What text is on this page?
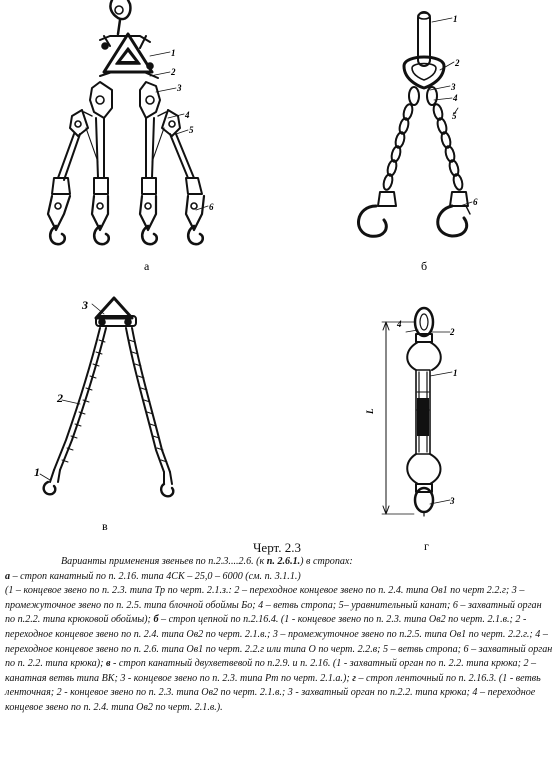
1
2
3
4
5
6
а
1
2
3
4
5
6
б
1
2
3
в
1
2
3
4
L
г
Черт. 2.3

Варианты применения звеньев по п.2.3....2.6. (к п. 2.6.1.) в стропах:

а – строп канатный по п. 2.16. типа 4СК – 25,0 – 6000 (см. п. 3.1.1.)

(1 – концевое звено по п. 2.3. типа Тр по черт. 2.1.з.: 2 – переходное концевое звено по п. 2.4. типа Ов1 по черт 2.2.г; 3 – промежуточное звено по п. 2.5. типа блочной обоймы Бо; 4 – ветвь стропа; 5– уравнительный канат; 6 – захватный орган по п.2.2. типа крюковой обоймы); б – строп цепной по п.2.16.4. (1 - концевое звено по п. 2.3. типа Ов2 по черт. 2.1.в.; 2 - переходное концевое звено по п. 2.4. типа Ов2 по черт. 2.1.в.; 3 – промежуточное звено по п.2.5. типа Ов1 по черт. 2.2.г.; 4 – переходное концевое звено по п. 2.6. типа Ов1 по черт. 2.2.г или типа О по черт. 2.2.в; 5 – ветвь стропа; 6 – захватный орган по п. 2.2. типа крюка); в - строп канатный двухветвевой по п.2.9. и п. 2.16. (1 - захватный орган по п. 2.2. типа крюка; 2 – канатная ветвь типа ВК; 3 - концевое звено по п. 2.3. типа Рт по черт. 2.1.а.); г – строп ленточный по п. 2.16.3. (1 - ветвь ленточная; 2 - концевое звено по п. 2.3. типа Ов2 по черт. 2.1.в.; 3 - захватный орган по п.2.2. типа крюка; 4 – переходное концевое звено по п. 2.4. типа Ов2 по черт. 2.1.в.).
